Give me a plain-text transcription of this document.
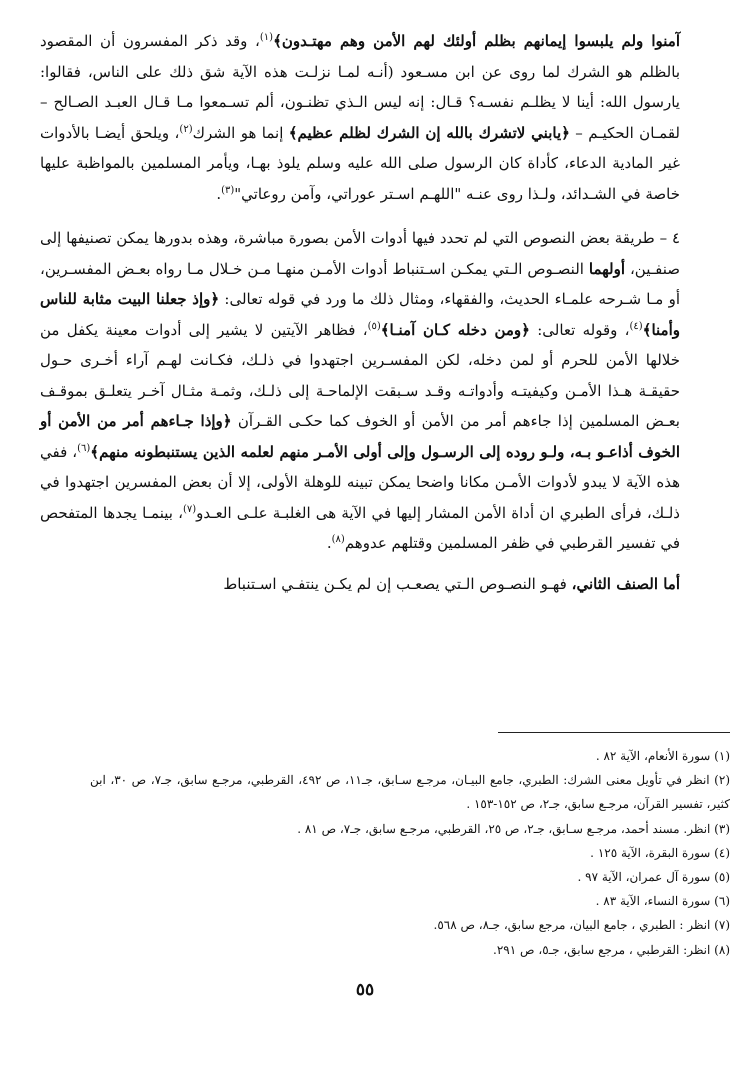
آمنوا ولم يلبسوا إيمانهم بظلم أولئك لهم الأمن وهم مهتـدون﴾$^{(١)}$، وقد ذكر المفسرون أن المقصود بالظلم هو الشرك لما روى عن ابن مسـعود (أنـه لمـا نزلـت هذه الآية شق ذلك على الناس، فقالوا: يارسول الله: أينا لا يظلـم نفسـه؟ قـال: إنه ليس الـذي تظنـون، ألم تسـمعوا مـا قـال العبـد الصـالح – لقمـان الحكيـم – ﴿يابني لاتشرك بالله إن الشرك لظلم عظيم﴾ إنما هو الشرك$^{(٢)}$، ويلحق أيضـا بالأدوات غير المادية الدعاء، كأداة كان الرسول صلى الله عليه وسلم يلوذ بهـا، ويأمر المسلمين بالمواظبة عليها خاصة في الشـدائد، ولـذا روى عنـه "اللهـم اسـتر عوراتي، وآمن روعاتي"$^{(٣)}$.

٤ – طريقة بعض النصوص التي لم تحدد فيها أدوات الأمن بصورة مباشرة، وهذه بدورها يمكن تصنيفها إلى صنفـين، أولهما النصـوص الـتي يمكـن اسـتنباط أدوات الأمـن منهـا مـن خـلال مـا رواه بعـض المفسـرين، أو مـا شـرحه علمـاء الحديث، والفقهاء، ومثال ذلك ما ورد في قوله تعالى: ﴿وإذ جعلنا البيت مثابة للناس وأمنا﴾$^{(٤)}$، وقوله تعالى: ﴿ومن دخله كـان آمنـا﴾$^{(٥)}$، فظاهر الآيتين لا يشير إلى أدوات معينة يكفل من خلالها الأمن للحرم أو لمن دخله، لكن المفسـرين اجتهدوا في ذلـك، فكـانت لهـم آراء أخـرى حـول حقيقـة هـذا الأمـن وكيفيتـه وأدواتـه وقـد سـبقت الإلماحـة إلى ذلـك، وثمـة مثـال آخـر يتعلـق بموقـف بعـض المسلمين إذا جاءهم أمر من الأمن أو الخوف كما حكـى القـرآن ﴿وإذا جـاءهم أمر من الأمن أو الخوف أذاعـو بـه، ولـو روده إلى الرسـول وإلى أولى الأمـر منهم لعلمه الذين يستنبطونه منهم﴾$^{(٦)}$، ففي هذه الآية لا يبدو لأدوات الأمـن مكانا واضحا يمكن تبينه للوهلة الأولى، إلا أن بعض المفسرين اجتهدوا في ذلـك، فرأى الطبري ان أداة الأمن المشار إليها في الآية هى الغلبـة علـى العـدو$^{(٧)}$، بينمـا يجدها المتفحص في تفسير القرطبي في ظفر المسلمين وقتلهم عدوهم$^{(٨)}$.

أما الصنف الثاني، فهـو النصـوص الـتي يصعـب إن لم يكـن ينتفـي اسـتنباط

(١) سورة الأنعام، الآية ٨٢ .
(٢) انظر في تأويل معنى الشرك: الطبري، جامع البيـان، مرجـع سـابق، جـ١١، ص ٤٩٢، القرطبي، مرجـع سابق، جـ٧، ص ٣٠، ابن كثير، تفسير القرآن، مرجـع سابق، جـ٢، ص ١٥٢-١٥٣ .
(٣) انظر. مسند أحمد، مرجـع سـابق، جـ٢، ص ٢٥، القرطبي، مرجـع سابق، جـ٧، ص ٨١ .
(٤) سورة البقرة، الآية ١٢٥ .
(٥) سورة آل عمران، الآية ٩٧ .
(٦) سورة النساء، الآية ٨٣ .
(٧) انظر : الطبري ، جامع البيان، مرجع سابق، جـ٨، ص ٥٦٨.
(٨) انظر: القرطبي ، مرجع سابق، جـ٥، ص ٢٩١.
٥٥
